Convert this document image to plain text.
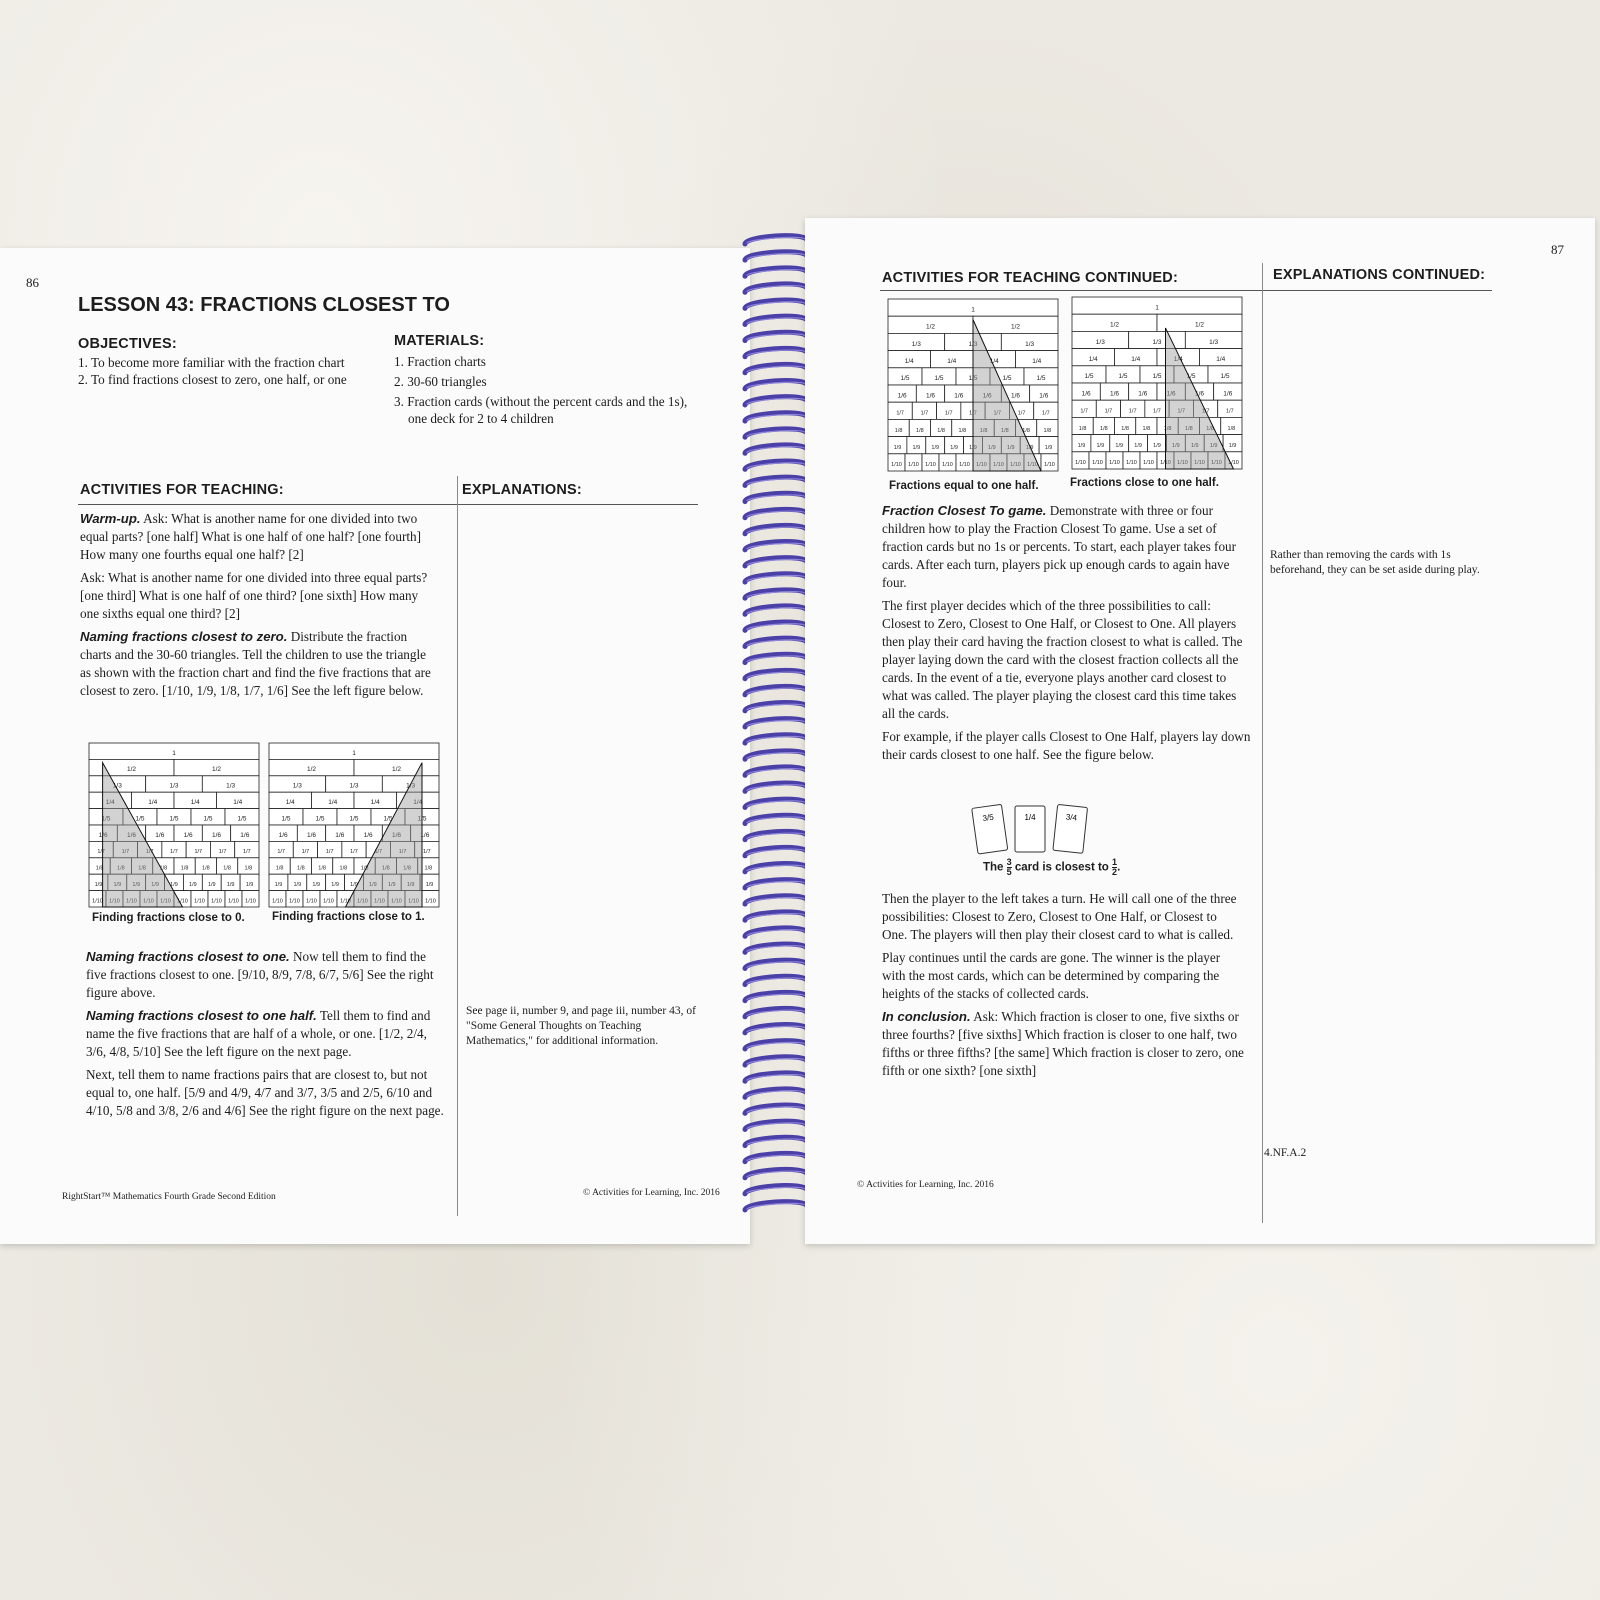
86
LESSON 43: FRACTIONS CLOSEST TO
OBJECTIVES:
1. To become more familiar with the fraction chart
2. To find fractions closest to zero, one half, or one
MATERIALS:
1. Fraction charts
2. 30-60 triangles
3. Fraction cards (without the percent cards and the 1s), one deck for 2 to 4 children
ACTIVITIES FOR TEACHING:	EXPLANATIONS:

Warm-up. Ask: What is another name for one divided into two equal parts? [one half] What is one half of one half? [one fourth] How many one fourths equal one half? [2]

Ask: What is another name for one divided into three equal parts? [one third] What is one half of one third? [one sixth] How many one sixths equal one third? [2]

Naming fractions closest to zero. Distribute the fraction charts and the 30-60 triangles. Tell the children to use the triangle as shown with the fraction chart and find the five fractions that are closest to zero. [1/10, 1/9, 1/8, 1/7, 1/6] See the left figure below.

1
1/2	1/2
1/3	1/3	1/3
1/4	1/4	1/4	1/4
1/5	1/5	1/5	1/5	1/5
1/6	1/6	1/6	1/6	1/6	1/6
1/7	1/7	1/7	1/7	1/7	1/7	1/7
1/8 1/8 1/8 1/8 1/8 1/8 1/8 1/8
1/9 1/9 1/9 1/9 1/9 1/9 1/9 1/9 1/9
1/10 1/10 1/10 1/10 1/10 1/10 1/10 1/10 1/10 1/10
1
1/2	1/2
1/3	1/3	1/3
1/4	1/4	1/4	1/4
1/5	1/5	1/5	1/5	1/5
1/6	1/6	1/6	1/6	1/6	1/6
1/7	1/7	1/7	1/7	1/7	1/7	1/7
1/8 1/8 1/8 1/8 1/8 1/8 1/8 1/8
1/9 1/9 1/9 1/9 1/9 1/9 1/9 1/9 1/9
1/10 1/10 1/10 1/10 1/10 1/10 1/10 1/10 1/10 1/10
Finding fractions close to 0. Finding fractions close to 1.

Naming fractions closest to one. Now tell them to find the five fractions closest to one. [9/10, 8/9, 7/8, 6/7, 5/6] See the right figure above.

Naming fractions closest to one half. Tell them to find and name the five fractions that are half of a whole, or one. [1/2, 2/4, 3/6, 4/8, 5/10] See the left figure on the next page.

Next, tell them to name fractions pairs that are closest to, but not equal to, one half. [5/9 and 4/9, 4/7 and 3/7, 3/5 and 2/5, 6/10 and 4/10, 5/8 and 3/8, 2/6 and 4/6] See the right figure on the next page.

See page ii, number 9, and page iii, number 43, of "Some General Thoughts on Teaching Mathematics," for additional information.
RightStart™ Mathematics Fourth Grade Second Edition	© Activities for Learning, Inc. 2016
87
ACTIVITIES FOR TEACHING CONTINUED:	EXPLANATIONS CONTINUED:
1
1/2	1/2
1/3	1/3	1/3
1/4	1/4	1/4	1/4
1/5	1/5	1/5	1/5	1/5
1/6	1/6	1/6	1/6	1/6	1/6
1/7	1/7	1/7	1/7	1/7	1/7	1/7
1/8 1/8 1/8 1/8 1/8 1/8 1/8 1/8
1/9 1/9 1/9 1/9 1/9 1/9 1/9 1/9 1/9
1/10 1/10 1/10 1/10 1/10 1/10 1/10 1/10 1/10 1/10
1
1/2	1/2
1/3	1/3	1/3
1/4	1/4	1/4	1/4
1/5	1/5	1/5	1/5	1/5
1/6	1/6	1/6	1/6	1/6	1/6
1/7	1/7	1/7	1/7	1/7	1/7	1/7
1/8 1/8 1/8 1/8 1/8 1/8 1/8 1/8
1/9 1/9 1/9 1/9 1/9 1/9 1/9 1/9 1/9
1/10 1/10 1/10 1/10 1/10 1/10 1/10 1/10 1/10 1/10
Fractions equal to one half.	Fractions close to one half.

Fraction Closest To game. Demonstrate with three or four children how to play the Fraction Closest To game. Use a set of fraction cards but no 1s or percents. To start, each player takes four cards. After each turn, players pick up enough cards to again have four.

The first player decides which of the three possibilities to call: Closest to Zero, Closest to One Half, or Closest to One. All players then play their card having the fraction closest to what is called. The player laying down the card with the closest fraction collects all the cards. In the event of a tie, everyone plays another card closest to what was called. The player playing the closest card this time takes all the cards.

For example, if the player calls Closest to One Half, players lay down their cards closest to one half. See the figure below.

3/5	1/4	3/4
The $\frac{3}{5}$ card is closest to $\frac{1}{2}$ .

Then the player to the left takes a turn. He will call one of the three possibilities: Closest to Zero, Closest to One Half, or Closest to One. The players will then play their closest card to what is called.

Play continues until the cards are gone. The winner is the player with the most cards, which can be determined by comparing the heights of the stacks of collected cards.

In conclusion. Ask: Which fraction is closer to one, five sixths or three fourths? [five sixths] Which fraction is closer to one half, two fifths or three fifths? [the same] Which fraction is closer to zero, one fifth or one sixth? [one sixth]

Rather than removing the cards with 1s beforehand, they can be set aside during play.
4.NF.A.2
© Activities for Learning, Inc. 2016
